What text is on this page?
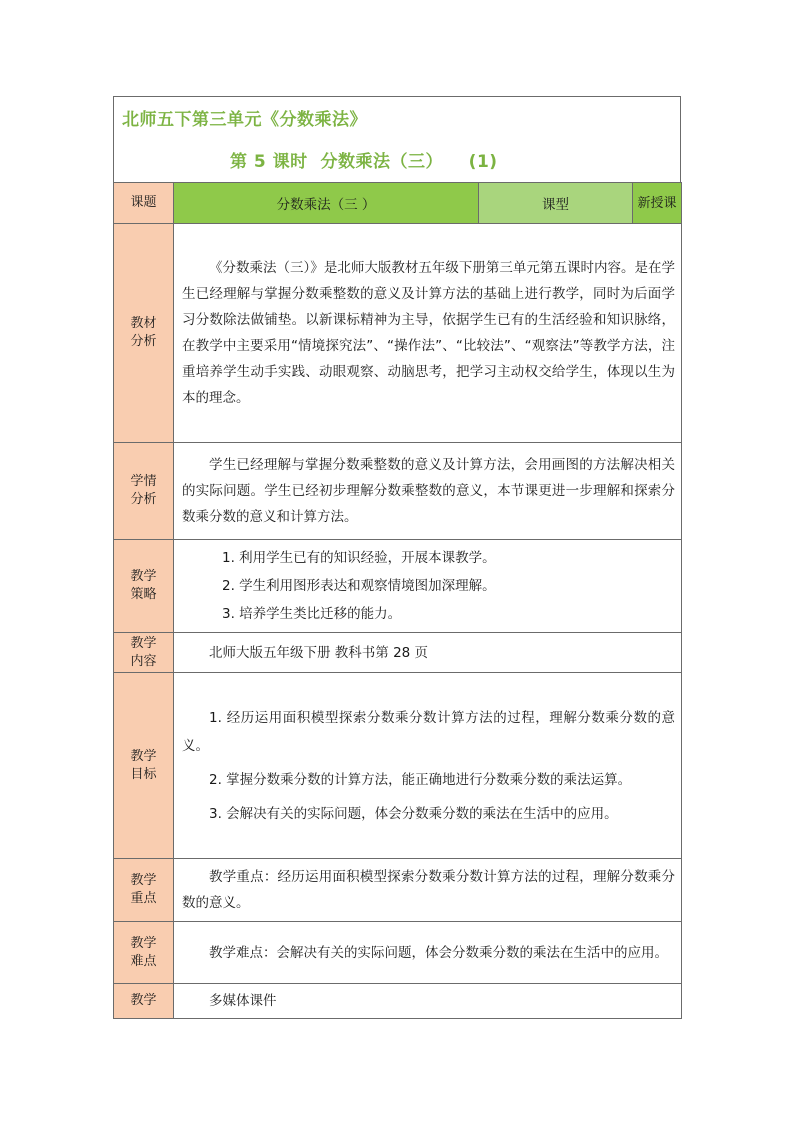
北师五下第三单元《分数乘法》
第 5 课时  分数乘法（三）    (1)
课题	分数乘法（三 ）	课型	新授课

教材分析	《分数乘法（三）》是北师大版教材五年级下册第三单元第五课时内容。是在学生已经理解与掌握分数乘整数的意义及计算方法的基础上进行教学，同时为后面学习分数除法做铺垫。以新课标精神为主导，依据学生已有的生活经验和知识脉络，在教学中主要采用“情境探究法”、“操作法”、“比较法”、“观察法”等教学方法，注重培养学生动手实践、动眼观察、动脑思考，把学习主动权交给学生，体现以生为本的理念。		

学情分析	学生已经理解与掌握分数乘整数的意义及计算方法，会用画图的方法解决相关的实际问题。学生已经初步理解分数乘整数的意义，本节课更进一步理解和探索分数乘分数的意义和计算方法。		

教学策略	1. 利用学生已有的知识经验，开展本课教学。

2. 学生利用图形表达和观察情境图加深理解。

3. 培养学生类比迁移的能力。		

教学内容	北师大版五年级下册 教科书第 28 页		

教学目标	1. 经历运用面积模型探索分数乘分数计算方法的过程，理解分数乘分数的意义。

2. 掌握分数乘分数的计算方法，能正确地进行分数乘分数的乘法运算。

3. 会解决有关的实际问题，体会分数乘分数的乘法在生活中的应用。		

教学重点	教学重点：经历运用面积模型探索分数乘分数计算方法的过程，理解分数乘分数的意义。		

教学难点	教学难点：会解决有关的实际问题，体会分数乘分数的乘法在生活中的应用。		

教学	多媒体课件		
